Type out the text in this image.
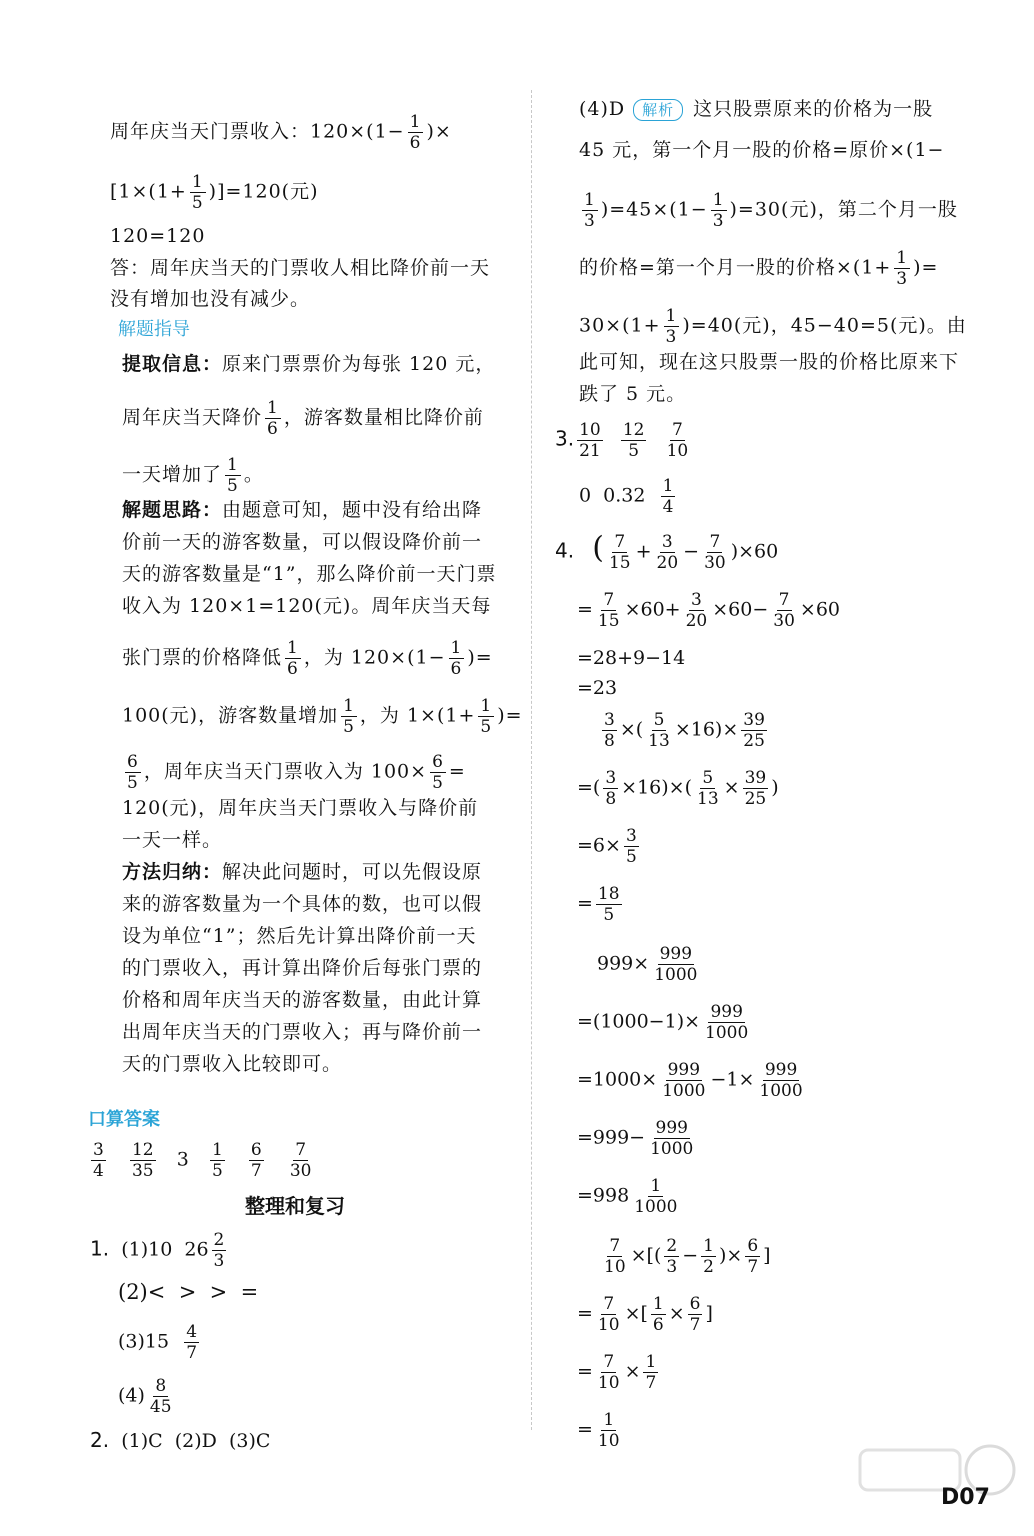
周年庆当天门票收入：$120\times(1- \frac{1}{6}$ )×
$[1\times(1+ \frac{1}{5} )]=120$(元)
120=120
答：周年庆当天的门票收人相比降价前一天
没有增加也没有减少。
解题指导
提取信息：原来门票票价为每张 120 元，
周年庆当天降价 $\frac{1}{6}$ ，游客数量相比降价前
一天增加了 $\frac{1}{5}$ 。
解题思路：由题意可知，题中没有给出降
价前一天的游客数量，可以假设降价前一
天的游客数量是“1”，那么降价前一天门票
收入为 120×1=120(元)。周年庆当天每
张门票的价格降低 $\frac{1}{6}$ ，为 $120\times(1- \frac{1}{6}$ )=
100(元)，游客数量增加 $\frac{1}{5}$ ，为 $1\times(1+ \frac{1}{5}$ )=
$\frac{6}{5}$ ，周年庆当天门票收入为 $100\times \frac{6}{5}$ =
120(元)，周年庆当天门票收入与降价前
一天一样。
方法归纳：解决此问题时，可以先假设原
来的游客数量为一个具体的数，也可以假
设为单位“1”；然后先计算出降价前一天
的门票收入，再计算出降价后每张门票的
价格和周年庆当天的游客数量，由此计算
出周年庆当天的门票收入；再与降价前一
天的门票收入比较即可。
口算答案
$\frac{3}{4}$
$\frac{12}{35} 3 \frac{1}{5}$
$\frac{6}{7}$
$\frac{7}{30}$
整理和复习
1. (1)10  $26 \frac{2}{3}$
(2)<  >  >  =
$(3)15 \frac{4}{7}$
$(4) \frac{8}{45}$
2. (1)C  (2)D  (3)C
(4)D 解析 这只股票原来的价格为一股
45 元，第一个月一股的价格=原价×(1−
$\frac{1}{3} )=45\times(1- \frac{1}{3} )=30$(元)，第二个月一股
的价格=第一个月一股的价格$\times(1+ \frac{1}{3}$ )=
$30\times(1+ \frac{1}{3} )=40$(元)，45−40=5(元)。由
此可知，现在这只股票一股的价格比原来下
跌了 5 元。
3. $\frac{10}{21}$
$\frac{12}{5}$
$\frac{7}{10}$
0  $0.32 \frac{1}{4}$
4. ( $\frac{7}{15} + \frac{3}{20} - \frac{7}{30} )\times 60$
= $\frac{7}{15} \times 60+ \frac{3}{20} \times 60- \frac{7}{30} \times 60$
=28+9−14
=23
$\frac{3}{8}$ ×( $\frac{5}{13} \times 16)\times \frac{39}{25}$
=( $\frac{3}{8} \times 16)\times( \frac{5}{13} \times \frac{39}{25}$ )
$=6\times \frac{3}{5}$
= $\frac{18}{5}$
$999\times \frac{999}{1000}$
$=(1000-1)\times \frac{999}{1000}$
$=1000\times \frac{999}{1000} -1\times \frac{999}{1000}$
$=999- \frac{999}{1000}$
$=998 \frac{1}{1000}$
$\frac{7}{10}$ ×[( $\frac{2}{3} - \frac{1}{2}$ )× $\frac{6}{7}$ ]
= $\frac{7}{10}$ ×[ $\frac{1}{6} \times \frac{6}{7}$ ]
= $\frac{7}{10} \times \frac{1}{7}$
= $\frac{1}{10}$
D07
